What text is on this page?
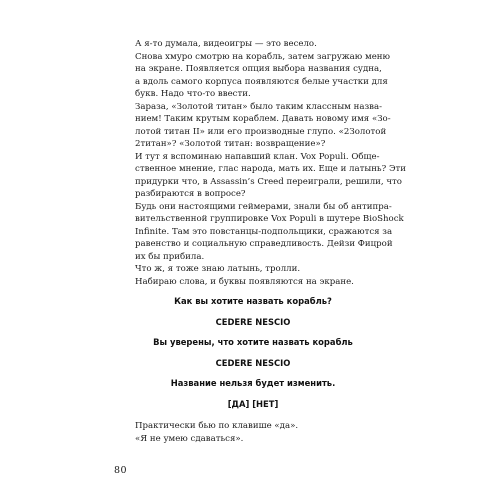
А я-то думала, видеоигры — это весело.

Снова хмуро смотрю на корабль, затем загружаю меню
на экране. Появляется опция выбора названия судна,
а вдоль самого корпуса появляются белые участки для
букв. Надо что-то ввести.

Зараза, «Золотой титан» было таким классным назва-
нием! Таким крутым кораблем. Давать новому имя «Зо-
лотой титан II» или его производные глупо. «2Золотой
2титан»? «Золотой титан: возвращение»?

И тут я вспоминаю напавший клан. Vox Populi. Обще-
ственное мнение, глас народа, мать их. Еще и латынь? Эти
придурки что, в Assassin’s Creed переиграли, решили, что
разбираются в вопросе?

Будь они настоящими геймерами, знали бы об антипра-
вительственной группировке Vox Populi в шутере BioShock
Infinite. Там это повстанцы-подпольщики, сражаются за
равенство и социальную справедливость. Дейзи Фицрой
их бы прибила.

Что ж, я тоже знаю латынь, тролли.

Набираю слова, и буквы появляются на экране.

Как вы хотите назвать корабль?
CEDERE NESCIO
Вы уверены, что хотите назвать корабль
CEDERE NESCIO
Название нельзя будет изменить.
[ДА] [НЕТ]

Практически бью по клавише «да».

«Я не умею сдаваться».

80
